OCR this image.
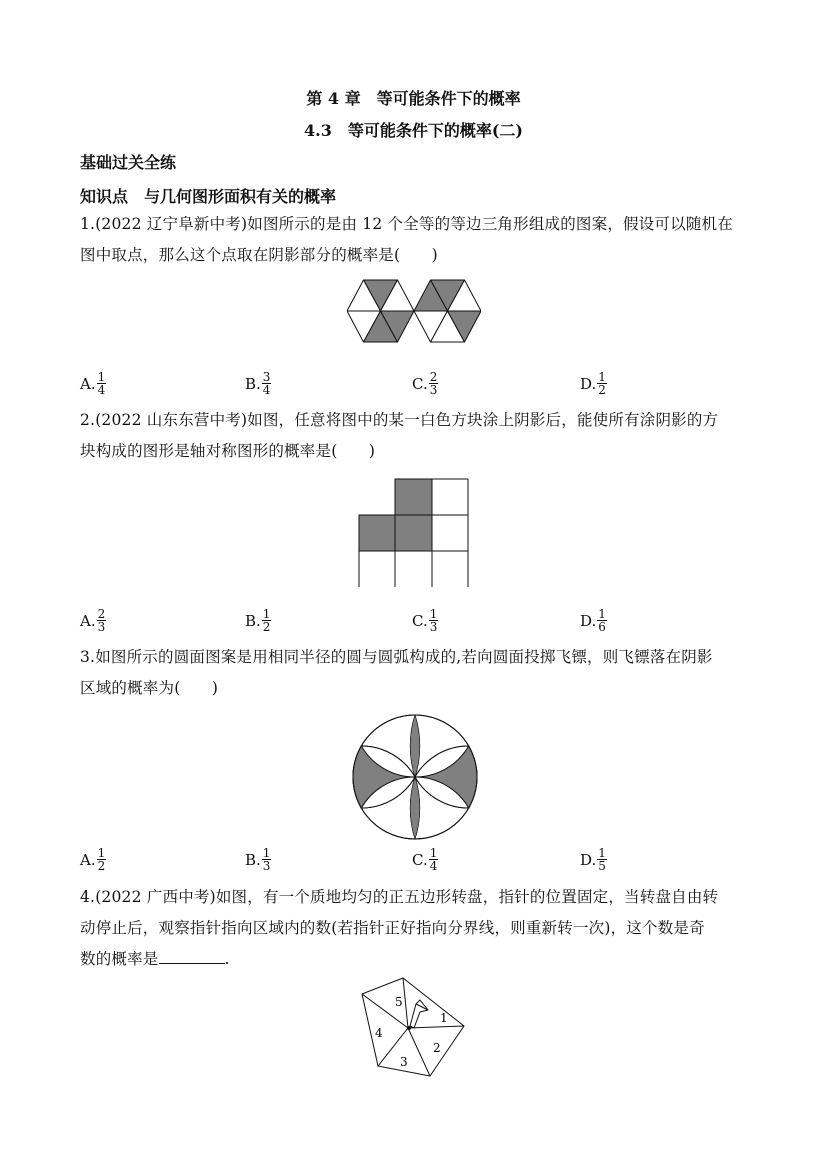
第 4 章　等可能条件下的概率
4.3　等可能条件下的概率(二)
基础过关全练
知识点　与几何图形面积有关的概率
1.(2022 辽宁阜新中考)如图所示的是由 12 个全等的等边三角形组成的图案，假设可以随机在
图中取点，那么这个点取在阴影部分的概率是(　　)
A. $\frac{1}{4}$	B. $\frac{3}{4}$	C. $\frac{2}{3}$	D. $\frac{1}{2}$
2.(2022 山东东营中考)如图，任意将图中的某一白色方块涂上阴影后，能使所有涂阴影的方
块构成的图形是轴对称图形的概率是(　　)
A. $\frac{2}{3}$	B. $\frac{1}{2}$	C. $\frac{1}{3}$	D. $\frac{1}{6}$
3.如图所示的圆面图案是用相同半径的圆与圆弧构成的,若向圆面投掷飞镖，则飞镖落在阴影
区域的概率为(　　)
A. $\frac{1}{2}$	B. $\frac{1}{3}$	C. $\frac{1}{4}$	D. $\frac{1}{5}$
4.(2022 广西中考)如图，有一个质地均匀的正五边形转盘，指针的位置固定，当转盘自由转
动停止后，观察指针指向区域内的数(若指针正好指向分界线，则重新转一次)，这个数是奇
数的概率是	.
1
2
3
4
5
